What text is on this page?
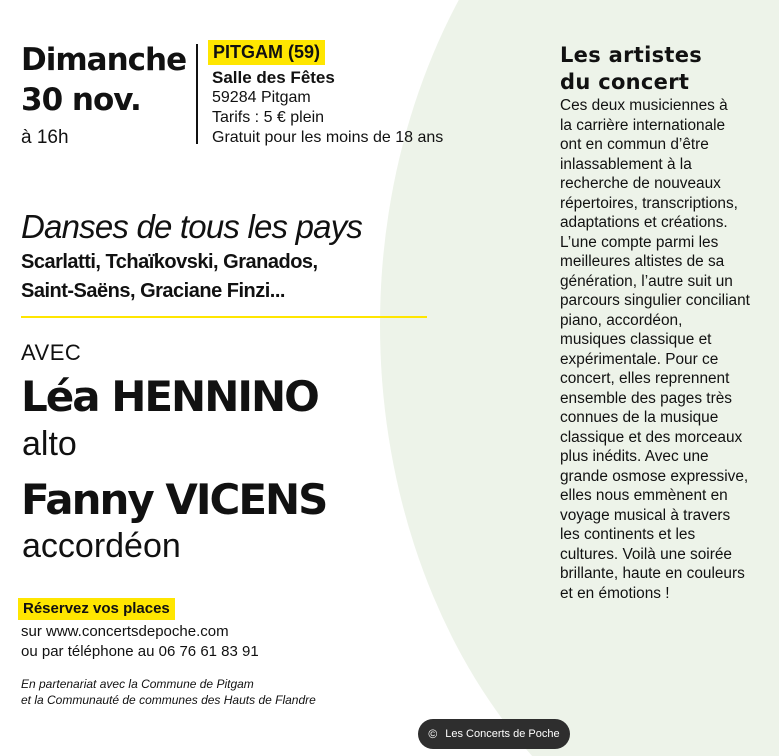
Dimanche
30 nov.
à 16h
PITGAM (59)
Salle des Fêtes
59284 Pitgam
Tarifs : 5 € plein
Gratuit pour les moins de 18 ans
Danses de tous les pays
Scarlatti, Tchaïkovski, Granados,
Saint-Saëns, Graciane Finzi...
AVEC
Léa HENNINO
alto
Fanny VICENS
accordéon
Réservez vos places
sur www.concertsdepoche.com
ou par téléphone au 06 76 61 83 91
En partenariat avec la Commune de Pitgam
et la Communauté de communes des Hauts de Flandre
© Les Concerts de Poche
Les artistes
du concert
Ces deux musiciennes à
la carrière internationale
ont en commun d’être
inlassablement à la
recherche de nouveaux
répertoires, transcriptions,
adaptations et créations.
L’une compte parmi les
meilleures altistes de sa
génération, l’autre suit un
parcours singulier conciliant
piano, accordéon,
musiques classique et
expérimentale. Pour ce
concert, elles reprennent
ensemble des pages très
connues de la musique
classique et des morceaux
plus inédits. Avec une
grande osmose expressive,
elles nous emmènent en
voyage musical à travers
les continents et les
cultures. Voilà une soirée
brillante, haute en couleurs
et en émotions !
